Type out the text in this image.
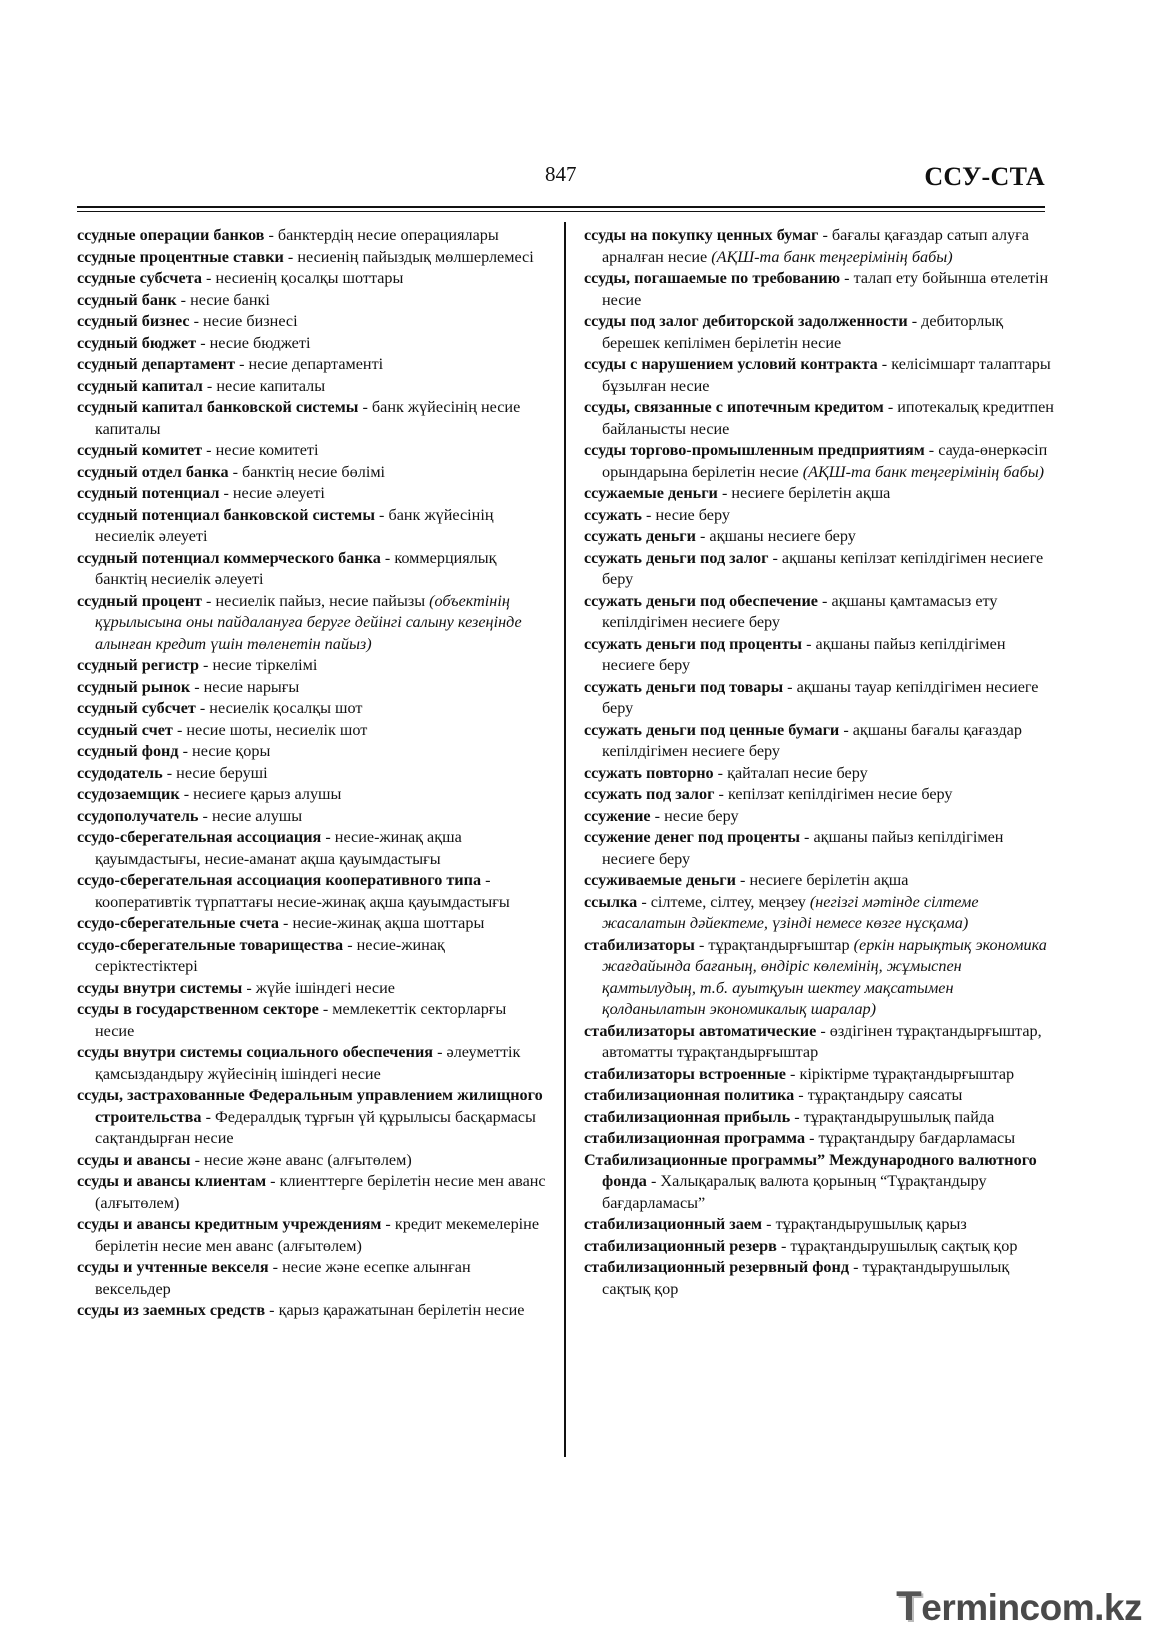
847	ССУ-СТА

ссудные операции банков - банктердің несие операциялары

ссудные процентные ставки - несиенің пайыздық мөлшерлемесі

ссудные субсчета - несиенің қосалқы шоттары

ссудный банк - несие банкі

ссудный бизнес - несие бизнесі

ссудный бюджет - несие бюджеті

ссудный департамент - несие департаменті

ссудный капитал - несие капиталы

ссудный капитал банковской системы - банк жүйесінің несие капиталы

ссудный комитет - несие комитеті

ссудный отдел банка - банктің несие бөлімі

ссудный потенциал - несие әлеуеті

ссудный потенциал банковской системы - банк жүйесінің несиелік әлеуеті

ссудный потенциал коммерческого банка - коммерциялық банктің несиелік әлеуеті

ссудный процент - несиелік пайыз, несие пайызы (объектінің құрылысына оны пайдалануға беруге дейінгі салыну кезеңінде алынған кредит үшін төленетін пайыз)

ссудный регистр - несие тіркелімі

ссудный рынок - несие нарығы

ссудный субсчет - несиелік қосалқы шот

ссудный счет - несие шоты, несиелік шот

ссудный фонд - несие қоры

ссудодатель - несие беруші

ссудозаемщик - несиеге қарыз алушы

ссудополучатель - несие алушы

ссудо-сберегательная ассоциация - несие-жинақ ақша қауымдастығы, несие-аманат ақша қауымдастығы

ссудо-сберегательная ассоциация кооперативного типа - кооперативтік түрпаттағы несие-жинақ ақша қауымдастығы

ссудо-сберегательные счета - несие-жинақ ақша шоттары

ссудо-сберегательные товарищества - несие-жинақ серіктестіктері

ссуды внутри системы - жүйе ішіндегі несие

ссуды в государственном секторе - мемлекеттік секторларғы несие

ссуды внутри системы социального обеспечения - әлеуметтік қамсыздандыру жүйесінің ішіндегі несие

ссуды, застрахованные Федеральным управлением жилищного строительства - Федералдық тұрғын үй құрылысы басқармасы сақтандырған несие

ссуды и авансы - несие және аванс (алғытөлем)

ссуды и авансы клиентам - клиенттерге берілетін несие мен аванс (алғытөлем)

ссуды и авансы кредитным учреждениям - кредит мекемелеріне берілетін несие мен аванс (алғытөлем)

ссуды и учтенные векселя - несие және есепке алынған вексельдер

ссуды из заемных средств - қарыз қаражатынан берілетін несие

ссуды на покупку ценных бумаг - бағалы қағаздар сатып алуға арналған несие (АҚШ-та банк теңгерімінің бабы)

ссуды, погашаемые по требованию - талап ету бойынша өтелетін несие

ссуды под залог дебиторской задолженности - дебиторлық берешек кепілімен берілетін несие

ссуды с нарушением условий контракта - келісімшарт талаптары бұзылған несие

ссуды, связанные с ипотечным кредитом - ипотекалық кредитпен байланысты несие

ссуды торгово-промышленным предприятиям - сауда-өнеркәсіп орындарына берілетін несие (АҚШ-та банк теңгерімінің бабы)

ссужаемые деньги - несиеге берілетін ақша

ссужать - несие беру

ссужать деньги - ақшаны несиеге беру

ссужать деньги под залог - ақшаны кепілзат кепілдігімен несиеге беру

ссужать деньги под обеспечение - ақшаны қамтамасыз ету кепілдігімен несиеге беру

ссужать деньги под проценты - ақшаны пайыз кепілдігімен несиеге беру

ссужать деньги под товары - ақшаны тауар кепілдігімен несиеге беру

ссужать деньги под ценные бумаги - ақшаны бағалы қағаздар кепілдігімен несиеге беру

ссужать повторно - қайталап несие беру

ссужать под залог - кепілзат кепілдігімен несие беру

ссужение - несие беру

ссужение денег под проценты - ақшаны пайыз кепілдігімен несиеге беру

ссуживаемые деньги - несиеге берілетін ақша

ссылка - сілтеме, сілтеу, меңзеу (негізгі мәтінде сілтеме жасалатын дәйектеме, үзінді немесе көзге нұсқама)

стабилизаторы - тұрақтандырғыштар (еркін нарықтық экономика жағдайында бағаның, өндіріс көлемінің, жұмыспен қамтылудың, т.б. ауытқуын шектеу мақсатымен қолданылатын экономикалық шаралар)

стабилизаторы автоматические - өздігінен тұрақтандырғыштар, автоматты тұрақтандырғыштар

стабилизаторы встроенные - кіріктірме тұрақтандырғыштар

стабилизационная политика - тұрақтандыру саясаты

стабилизационная прибыль - тұрақтандырушылық пайда

стабилизационная программа - тұрақтандыру бағдарламасы

Стабилизационные программы” Международного валютного фонда - Халықаралық валюта қорының “Тұрақтандыру бағдарламасы”

стабилизационный заем - тұрақтандырушылық қарыз

стабилизационный резерв - тұрақтандырушылық сақтық қор

стабилизационный резервный фонд - тұрақтандырушылық сақтық қор

Termincom.kz
